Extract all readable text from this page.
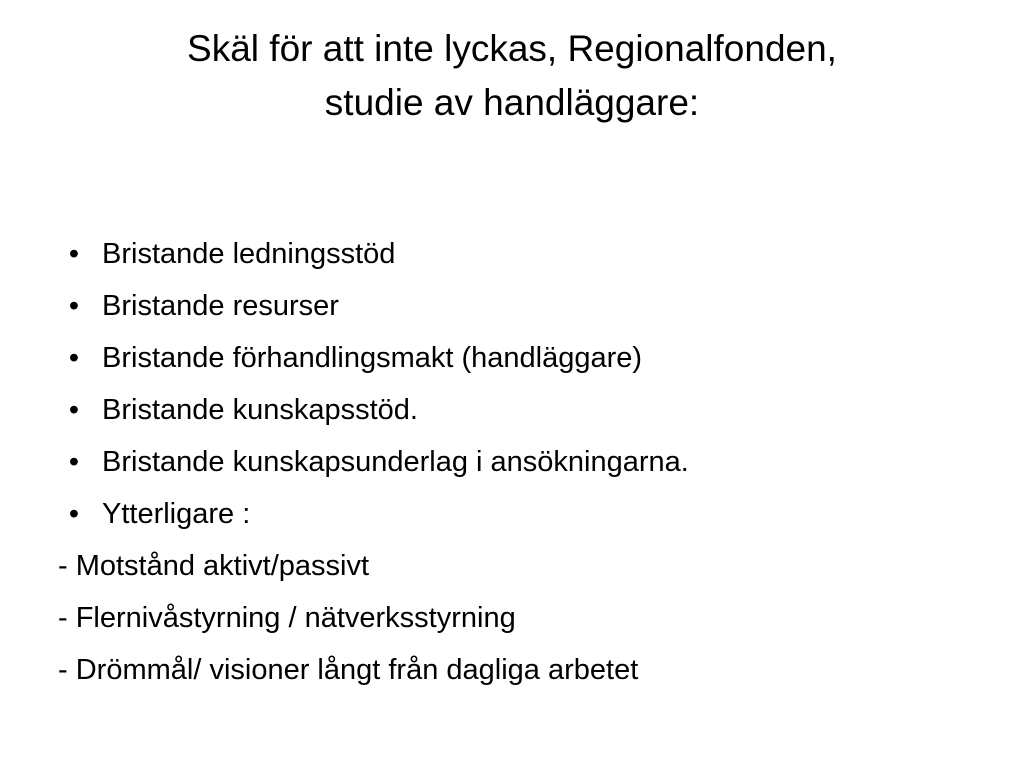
Skäl för att inte lyckas, Regionalfonden,
studie av handläggare:
• Bristande ledningsstöd
• Bristande resurser
• Bristande förhandlingsmakt (handläggare)
• Bristande kunskapsstöd.
• Bristande kunskapsunderlag i ansökningarna.
• Ytterligare :
- Motstånd aktivt/passivt
- Flernivåstyrning / nätverksstyrning
- Drömmål/ visioner långt från dagliga arbetet
